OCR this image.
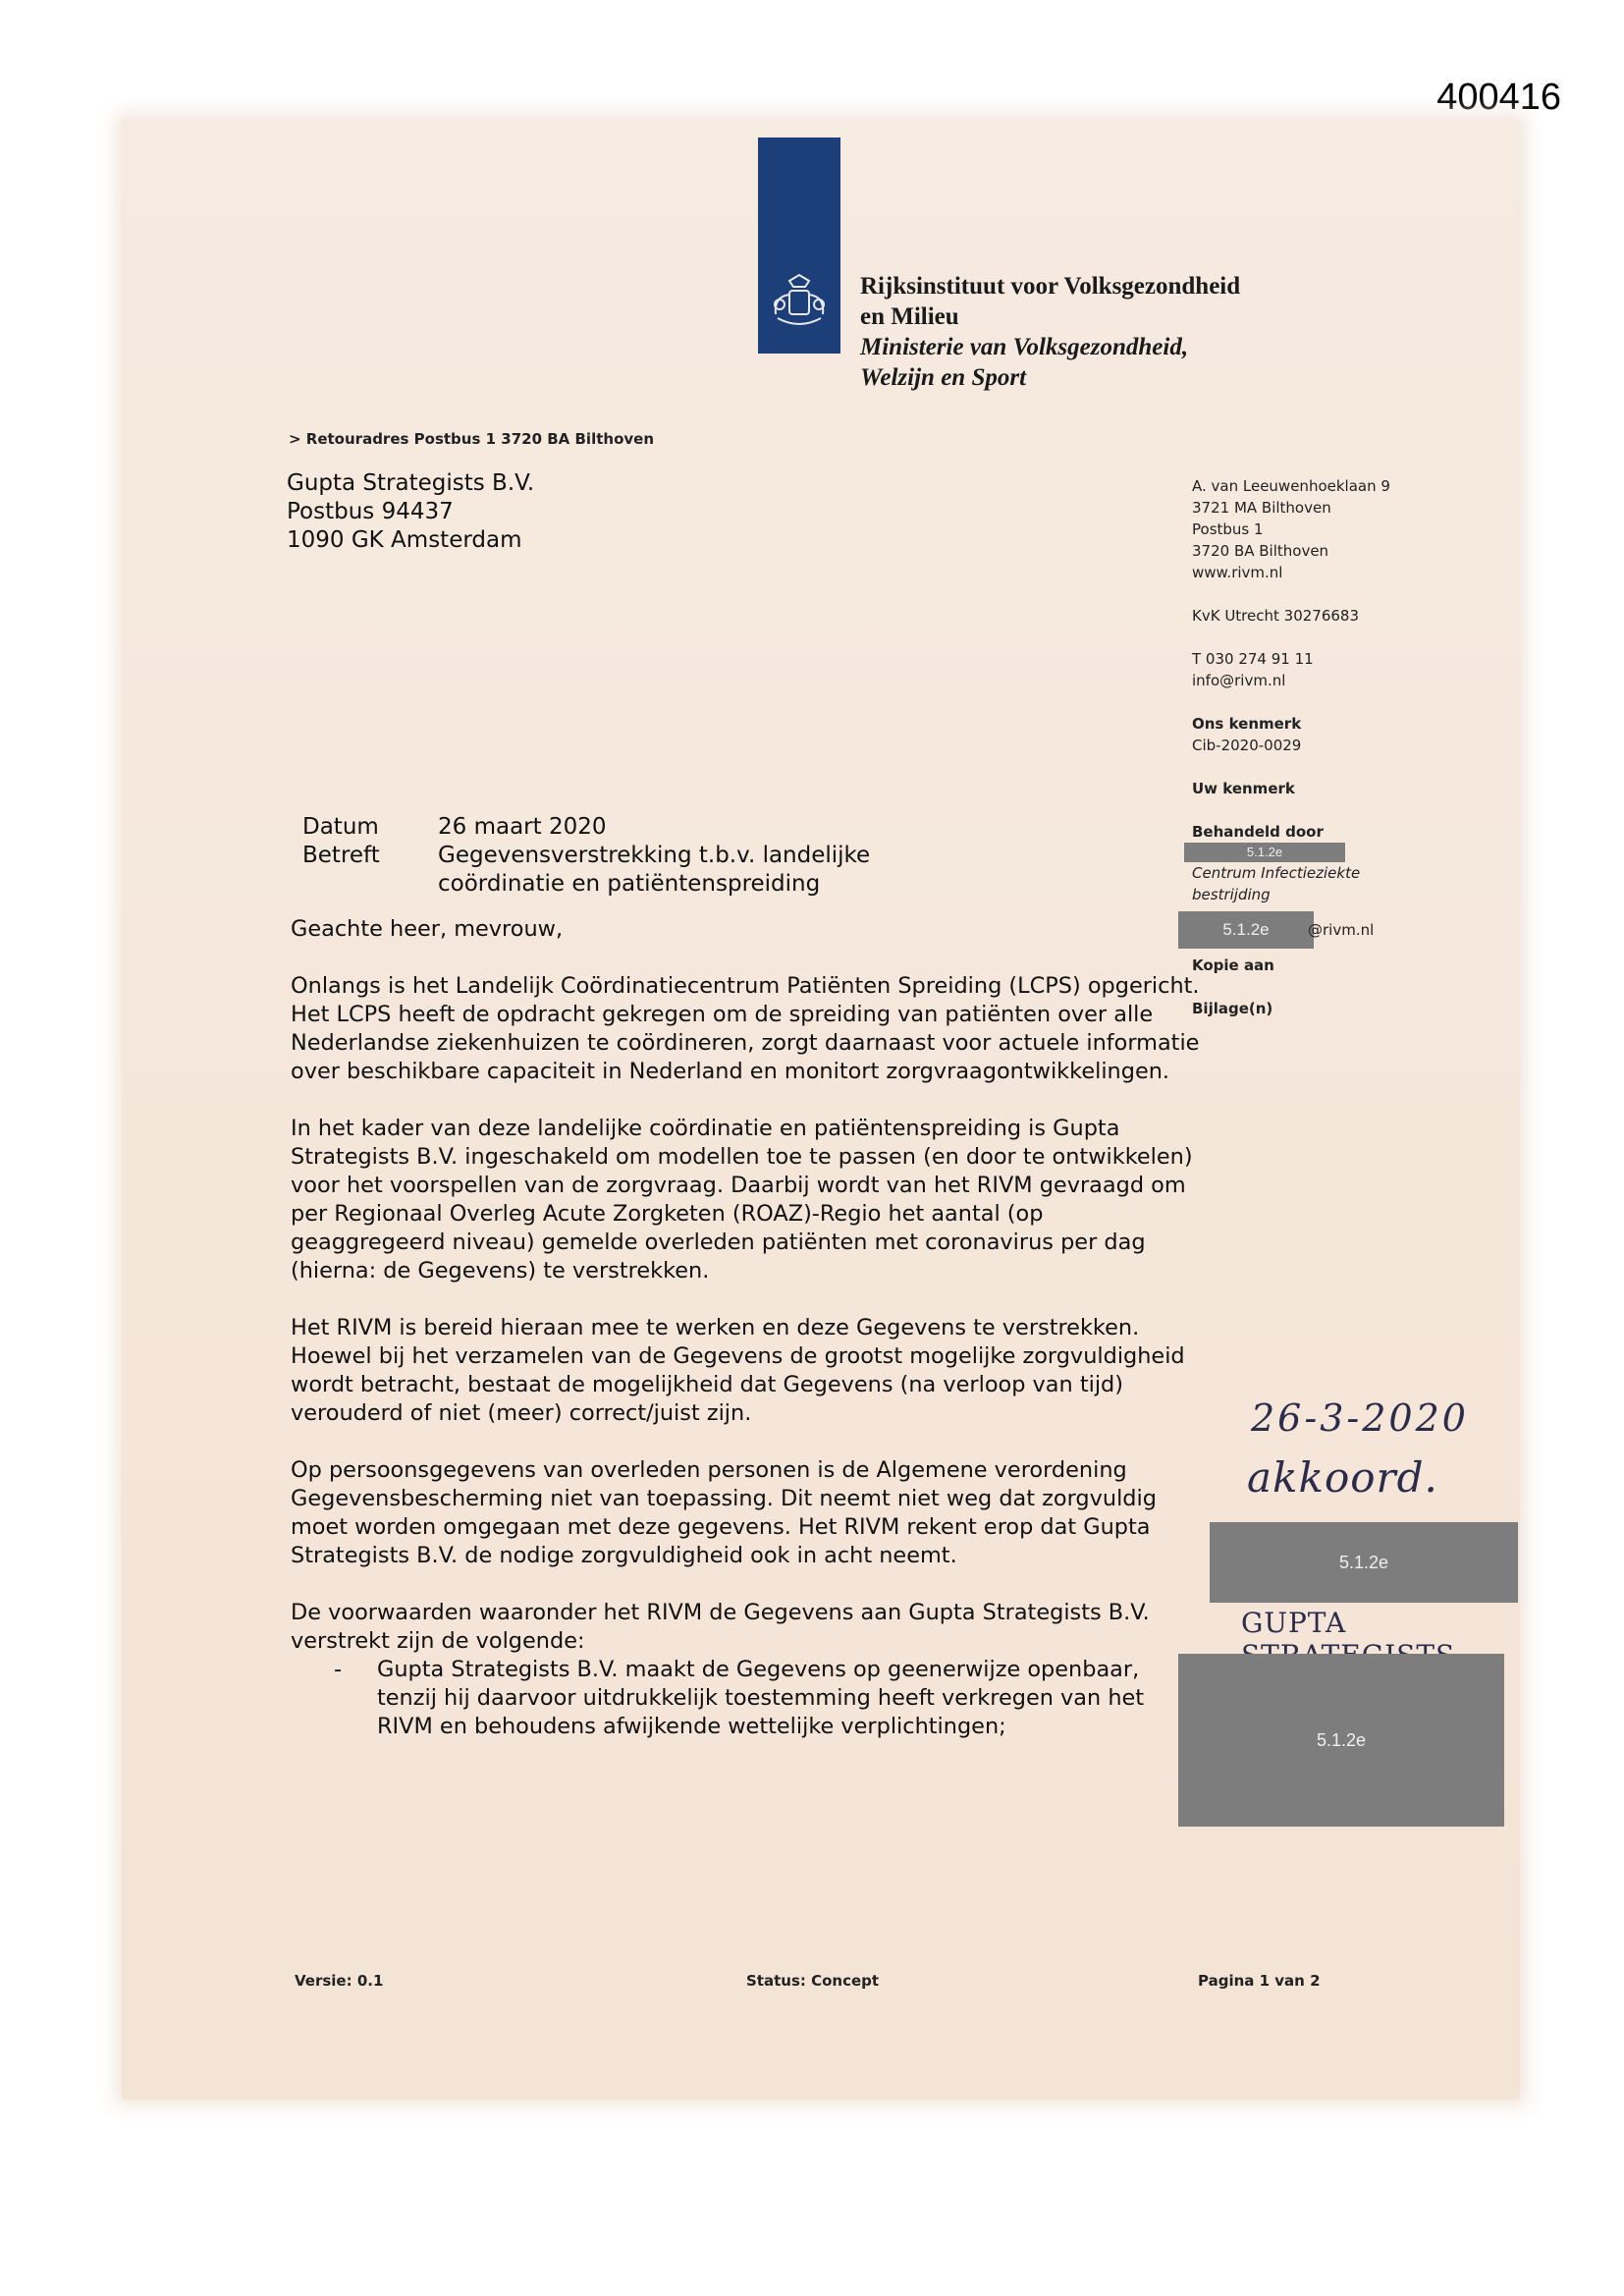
400416
Rijksinstituut voor Volksgezondheid
en Milieu
Ministerie van Volksgezondheid,
Welzijn en Sport
> Retouradres Postbus 1 3720 BA Bilthoven
Gupta Strategists B.V.
Postbus 94437
1090 GK Amsterdam
A. van Leeuwenhoeklaan 9
3721 MA Bilthoven
Postbus 1
3720 BA Bilthoven
www.rivm.nl
KvK Utrecht 30276683
T 030 274 91 11
info@rivm.nl
Ons kenmerk
Cib-2020-0029
Uw kenmerk
Behandeld door
5.1.2e
Centrum Infectieziekte
bestrijding
5.1.2e	@rivm.nl
Kopie aan
Bijlage(n)
Datum	26 maart 2020
Betreft	Gegevensverstrekking t.b.v. landelijke
coördinatie en patiëntenspreiding

Geachte heer, mevrouw,

Onlangs is het Landelijk Coördinatiecentrum Patiënten Spreiding (LCPS) opgericht. Het LCPS heeft de opdracht gekregen om de spreiding van patiënten over alle Nederlandse ziekenhuizen te coördineren, zorgt daarnaast voor actuele informatie over beschikbare capaciteit in Nederland en monitort zorgvraagontwikkelingen.

In het kader van deze landelijke coördinatie en patiëntenspreiding is Gupta Strategists B.V. ingeschakeld om modellen toe te passen (en door te ontwikkelen) voor het voorspellen van de zorgvraag. Daarbij wordt van het RIVM gevraagd om per Regionaal Overleg Acute Zorgketen (ROAZ)-Regio het aantal (op geaggregeerd niveau) gemelde overleden patiënten met coronavirus per dag (hierna: de Gegevens) te verstrekken.

Het RIVM is bereid hieraan mee te werken en deze Gegevens te verstrekken. Hoewel bij het verzamelen van de Gegevens de grootst mogelijke zorgvuldigheid wordt betracht, bestaat de mogelijkheid dat Gegevens (na verloop van tijd) verouderd of niet (meer) correct/juist zijn.

Op persoonsgegevens van overleden personen is de Algemene verordening Gegevensbescherming niet van toepassing. Dit neemt niet weg dat zorgvuldig moet worden omgegaan met deze gegevens. Het RIVM rekent erop dat Gupta Strategists B.V. de nodige zorgvuldigheid ook in acht neemt.

De voorwaarden waaronder het RIVM de Gegevens aan Gupta Strategists B.V. verstrekt zijn de volgende:

-	Gupta Strategists B.V. maakt de Gegevens op geenerwijze openbaar, tenzij hij daarvoor uitdrukkelijk toestemming heeft verkregen van het RIVM en behoudens afwijkende wettelijke verplichtingen;
Versie: 0.1	Status: Concept	Pagina 1 van 2
26-3-2020
akkoord.
5.1.2e
GUPTA
5.1.2e
